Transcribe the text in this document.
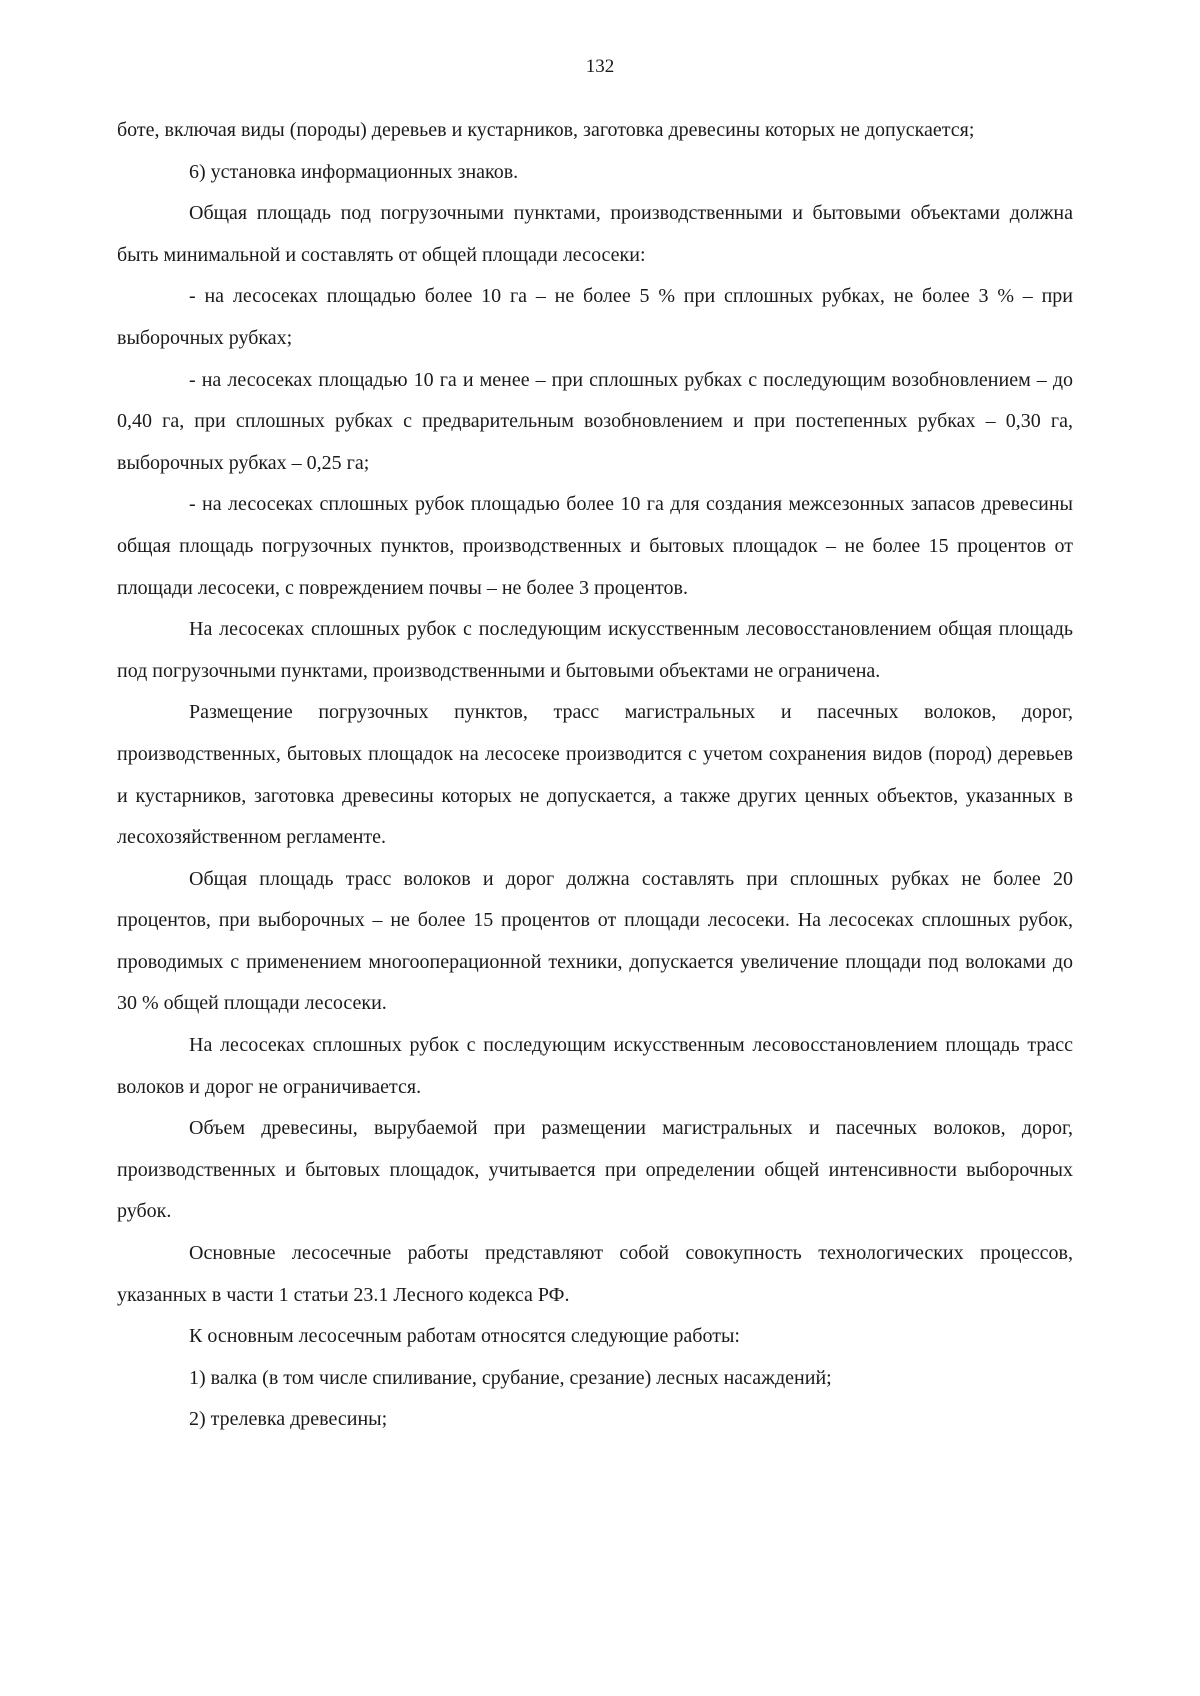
132

боте, включая виды (породы) деревьев и кустарников, заготовка древесины которых не допускается;

6) установка информационных знаков.

Общая площадь под погрузочными пунктами, производственными и бытовыми объектами должна быть минимальной и составлять от общей площади лесосеки:

- на лесосеках площадью более 10 га – не более 5 % при сплошных рубках, не более 3 % – при выборочных рубках;

- на лесосеках площадью 10 га и менее – при сплошных рубках с последующим возобновлением – до 0,40 га, при сплошных рубках с предварительным возобновлением и при постепенных рубках – 0,30 га, выборочных рубках – 0,25 га;

- на лесосеках сплошных рубок площадью более 10 га для создания межсезонных запасов древесины общая площадь погрузочных пунктов, производственных и бытовых площадок – не более 15 процентов от площади лесосеки, с повреждением почвы – не более 3 процентов.

На лесосеках сплошных рубок с последующим искусственным лесовосстановлением общая площадь под погрузочными пунктами, производственными и бытовыми объектами не ограничена.

Размещение погрузочных пунктов, трасс магистральных и пасечных волоков, дорог, производственных, бытовых площадок на лесосеке производится с учетом сохранения видов (пород) деревьев и кустарников, заготовка древесины которых не допускается, а также других ценных объектов, указанных в лесохозяйственном регламенте.

Общая площадь трасс волоков и дорог должна составлять при сплошных рубках не более 20 процентов, при выборочных – не более 15 процентов от площади лесосеки. На лесосеках сплошных рубок, проводимых с применением многооперационной техники, допускается увеличение площади под волоками до 30 % общей площади лесосеки.

На лесосеках сплошных рубок с последующим искусственным лесовосстановлением площадь трасс волоков и дорог не ограничивается.

Объем древесины, вырубаемой при размещении магистральных и пасечных волоков, дорог, производственных и бытовых площадок, учитывается при определении общей интенсивности выборочных рубок.

Основные лесосечные работы представляют собой совокупность технологических процессов, указанных в части 1 статьи 23.1 Лесного кодекса РФ.

К основным лесосечным работам относятся следующие работы:

1) валка (в том числе спиливание, срубание, срезание) лесных насаждений;

2) трелевка древесины;
